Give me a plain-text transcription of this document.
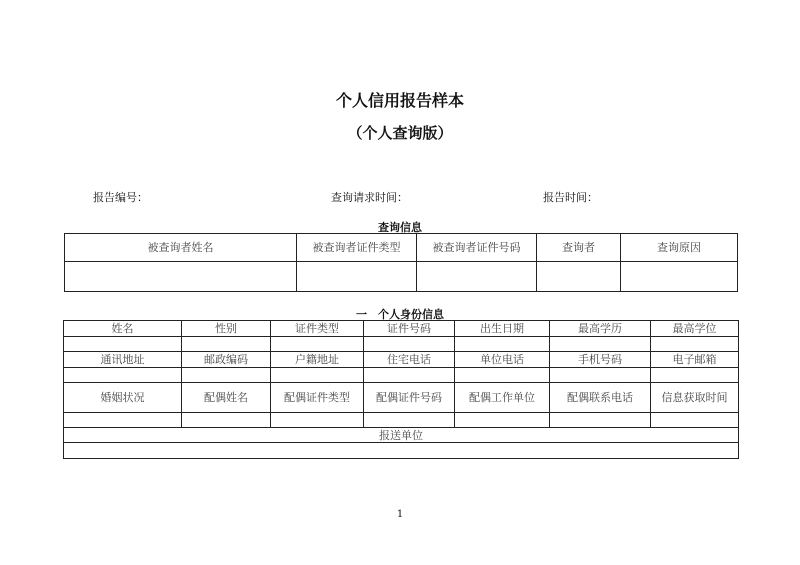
个人信用报告样本
（个人查询版）
报告编号：	查询请求时间：	报告时间：
查询信息
被查询者姓名	被查询者证件类型	被查询者证件号码	查询者	查询原因

一　个人身份信息
姓名	性别	证件类型	证件号码	出生日期	最高学历	最高学位

通讯地址	邮政编码	户籍地址	住宅电话	单位电话	手机号码	电子邮箱

婚姻状况	配偶姓名	配偶证件类型	配偶证件号码	配偶工作单位	配偶联系电话	信息获取时间

报送单位						

1
